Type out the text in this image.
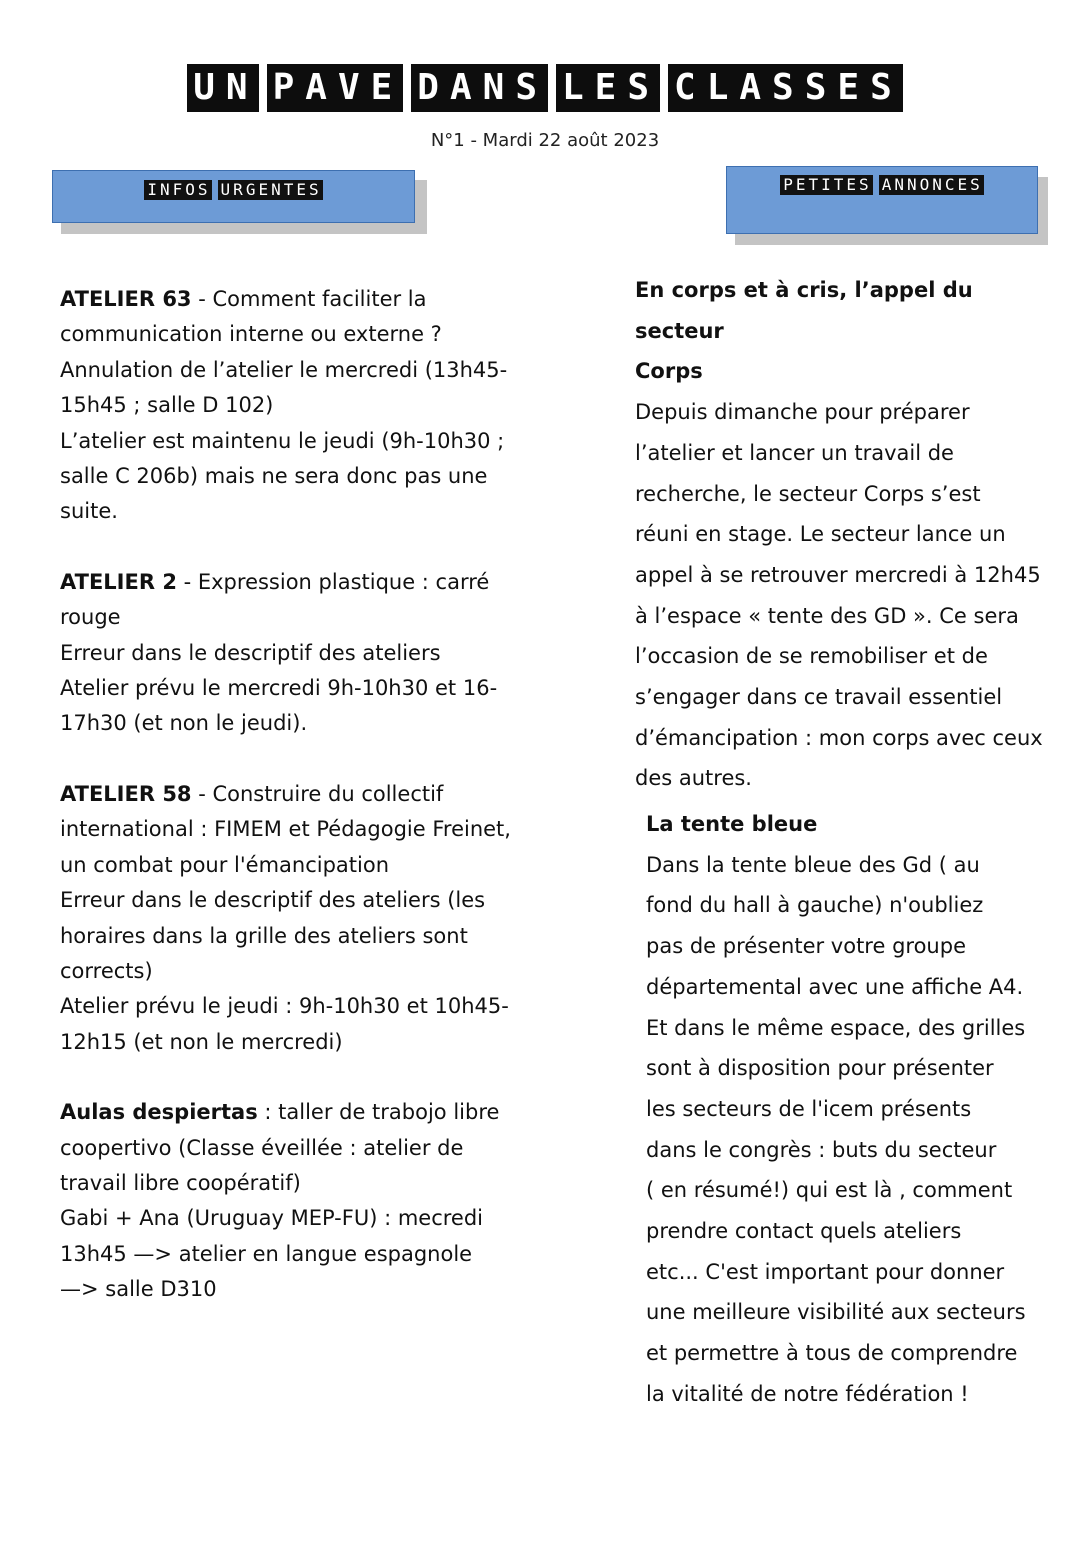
UN PAVE DANS LES CLASSES
N°1 - Mardi 22 août 2023
INFOS URGENTES	PETITES ANNONCES

ATELIER 63 - Comment faciliter la
communication interne ou externe ?
Annulation de l’atelier le mercredi (13h45-
15h45 ; salle D 102)
L’atelier est maintenu le jeudi (9h-10h30 ;
salle C 206b) mais ne sera donc pas une
suite.

ATELIER 2 - Expression plastique : carré
rouge
Erreur dans le descriptif des ateliers
Atelier prévu le mercredi 9h-10h30 et 16-
17h30 (et non le jeudi).

ATELIER 58 - Construire du collectif
international : FIMEM et Pédagogie Freinet,
un combat pour l'émancipation
Erreur dans le descriptif des ateliers (les
horaires dans la grille des ateliers sont
corrects)
Atelier prévu le jeudi : 9h-10h30 et 10h45-
12h15 (et non le mercredi)

Aulas despiertas : taller de trabojo libre
coopertivo (Classe éveillée : atelier de
travail libre coopératif)
Gabi + Ana (Uruguay MEP-FU) : mecredi
13h45 —> atelier en langue espagnole
—> salle D310

En corps et à cris, l’appel du secteur
Corps
Depuis dimanche pour préparer
l’atelier et lancer un travail de
recherche, le secteur Corps s’est
réuni en stage. Le secteur lance un
appel à se retrouver mercredi à 12h45
à l’espace « tente des GD ». Ce sera
l’occasion de se remobiliser et de
s’engager dans ce travail essentiel
d’émancipation : mon corps avec ceux
des autres.

La tente bleue
Dans la tente bleue des Gd ( au
fond du hall à gauche) n'oubliez
pas de présenter votre groupe
départemental avec une affiche A4.
Et dans le même espace, des grilles
sont à disposition pour présenter
les secteurs de l'icem présents
dans le congrès : buts du secteur
( en résumé!) qui est là , comment
prendre contact quels ateliers
etc... C'est important pour donner
une meilleure visibilité aux secteurs
et permettre à tous de comprendre
la vitalité de notre fédération !
